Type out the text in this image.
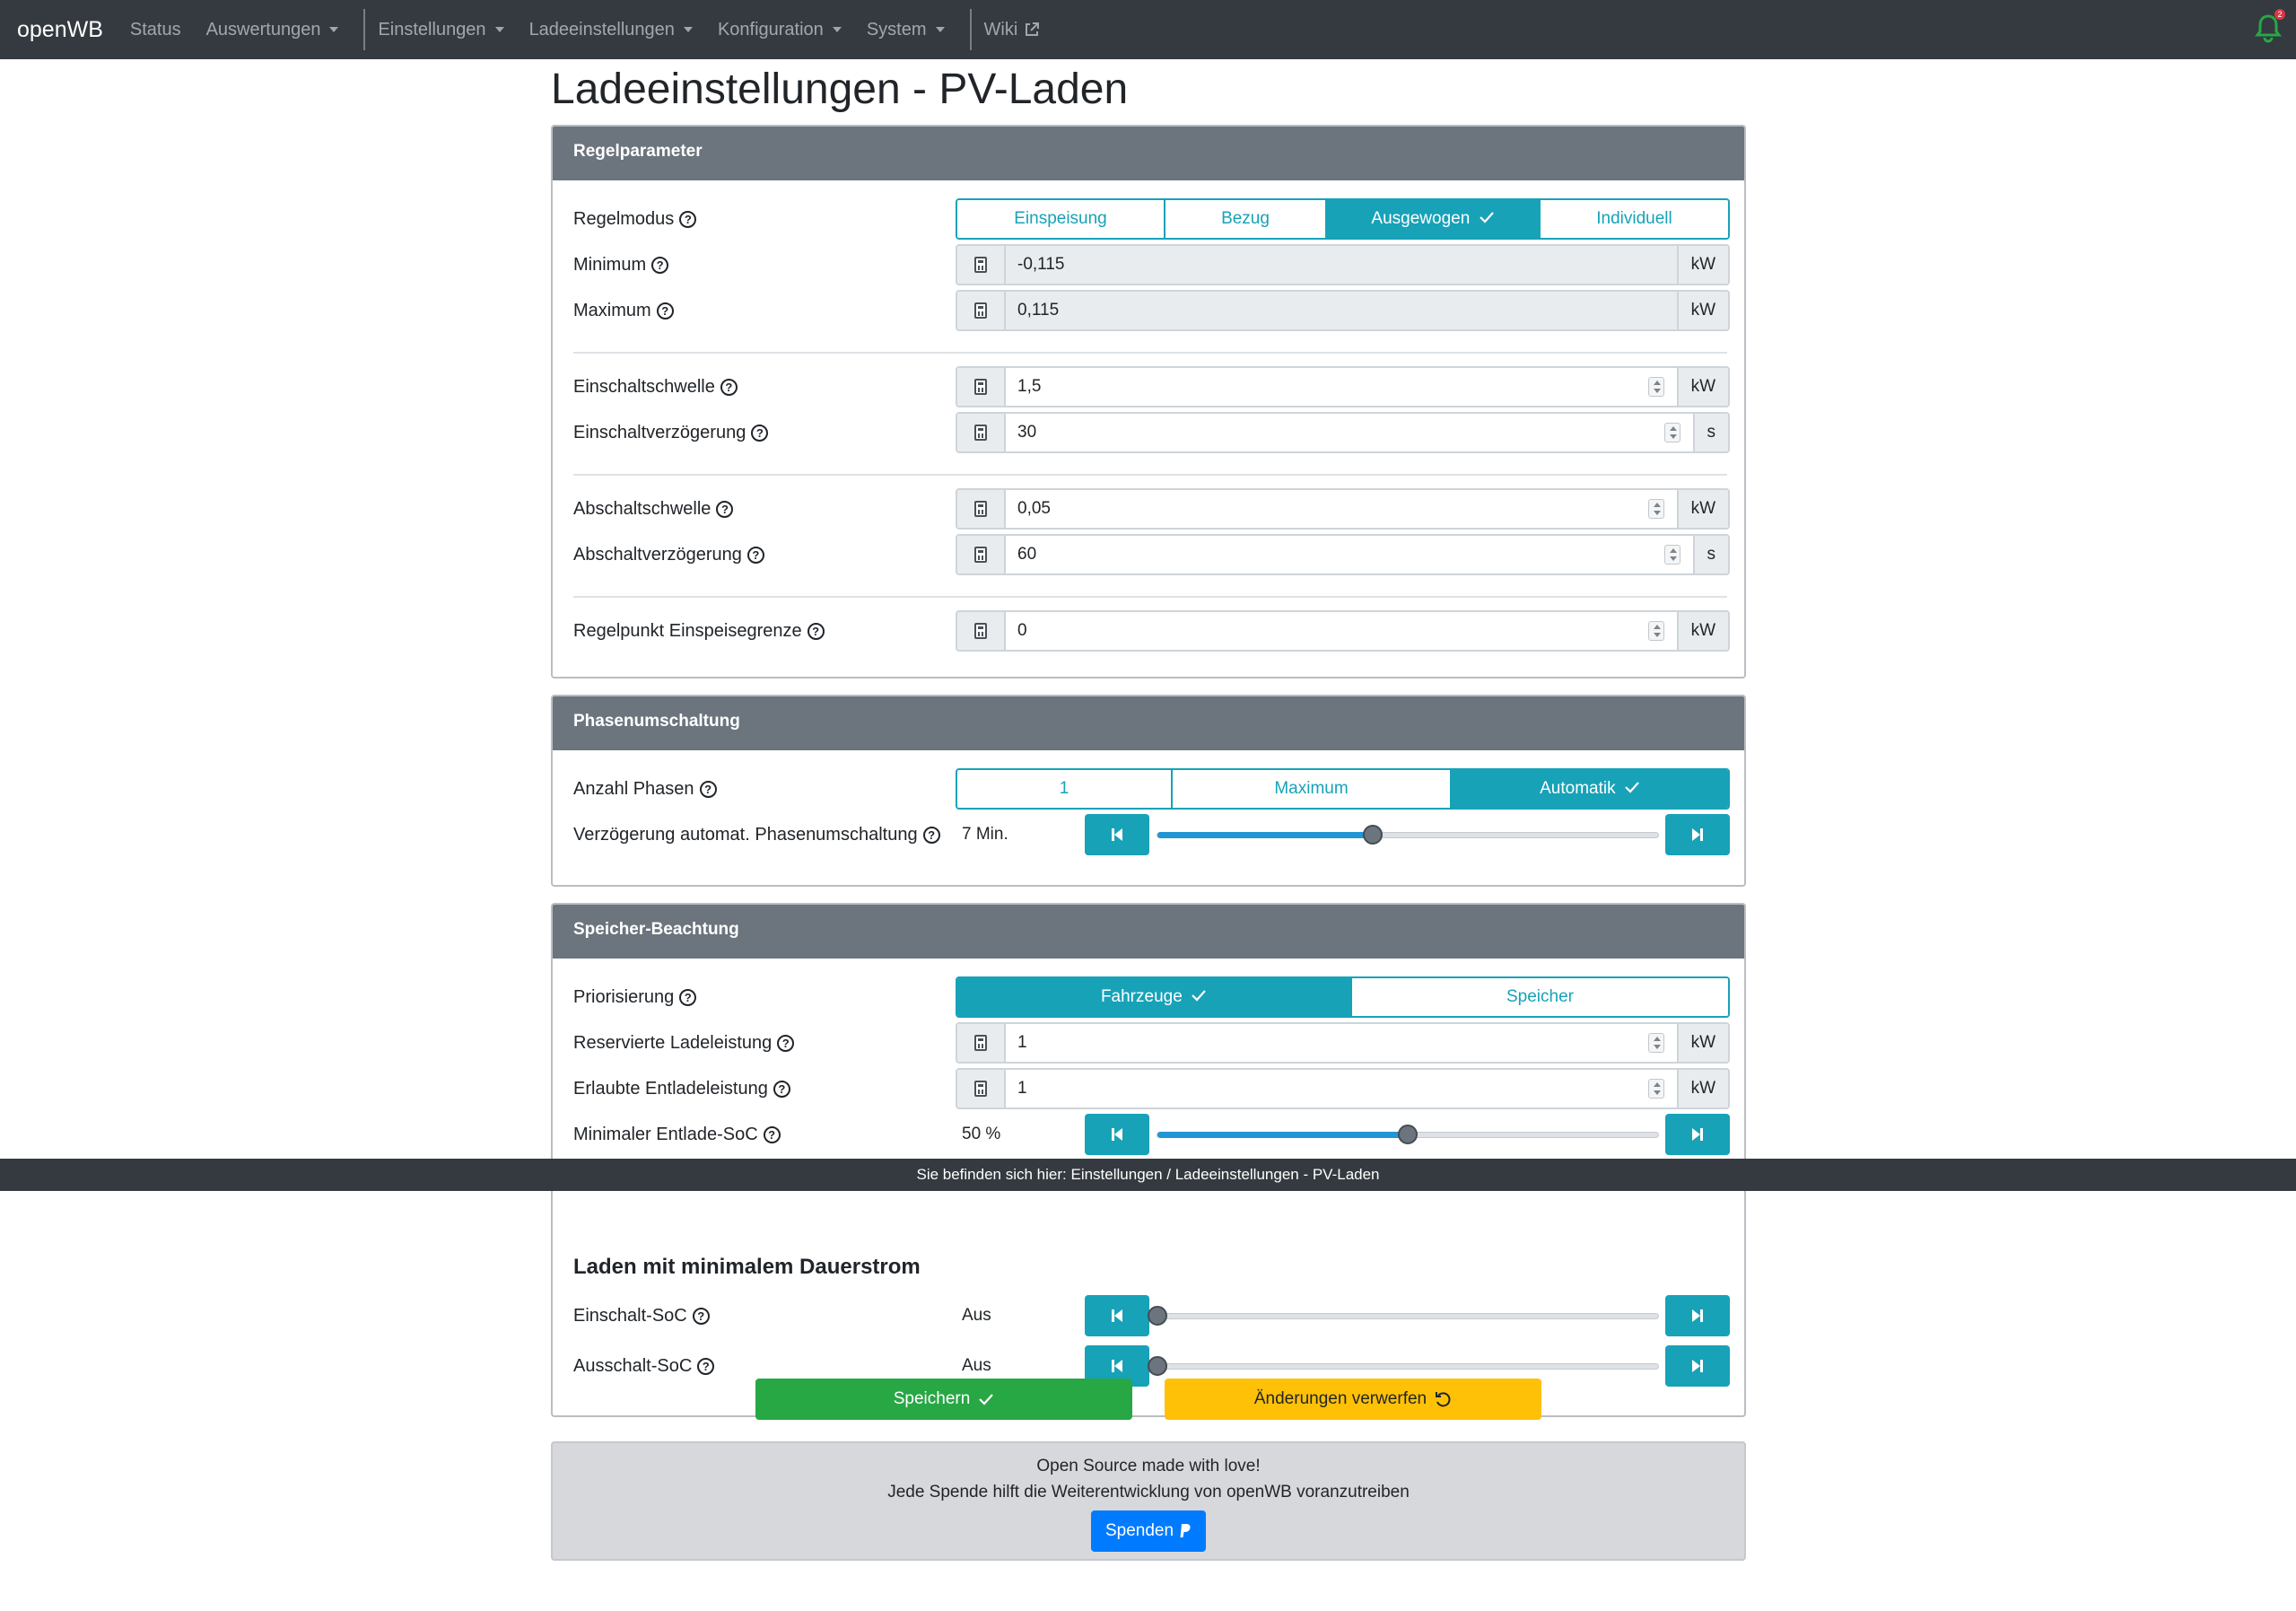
openWB Status Auswertungen	Einstellungen Ladeeinstellungen Konfiguration System	Wiki
2
Ladeeinstellungen - PV-Laden
Regelparameter
Regelmodus ?	Einspeisung	Bezug	Ausgewogen	Individuell
Minimum ?	-0,115	kW
Maximum ?	0,115	kW
Einschaltschwelle ?	1,5	kW
Einschaltverzögerung ?	30	s
Abschaltschwelle ?	0,05	kW
Abschaltverzögerung ?	60	s
Regelpunkt Einspeisegrenze ?	0	kW
Phasenumschaltung
Anzahl Phasen ?	1	Maximum	Automatik
Verzögerung automat. Phasenumschaltung ? 7 Min.
Speicher-Beachtung
Priorisierung ?	Fahrzeuge	Speicher
Reservierte Ladeleistung ?	1	kW
Erlaubte Entladeleistung ?	1	kW
Minimaler Entlade-SoC ?	50 %
Laden mit minimalem Dauerstrom
Einschalt-SoC ?	Aus
Ausschalt-SoC ?	Aus
Sie befinden sich hier: Einstellungen / Ladeeinstellungen - PV-Laden
Speichern	Änderungen verwerfen
Open Source made with love!
Jede Spende hilft die Weiterentwicklung von openWB voranzutreiben
Spenden
